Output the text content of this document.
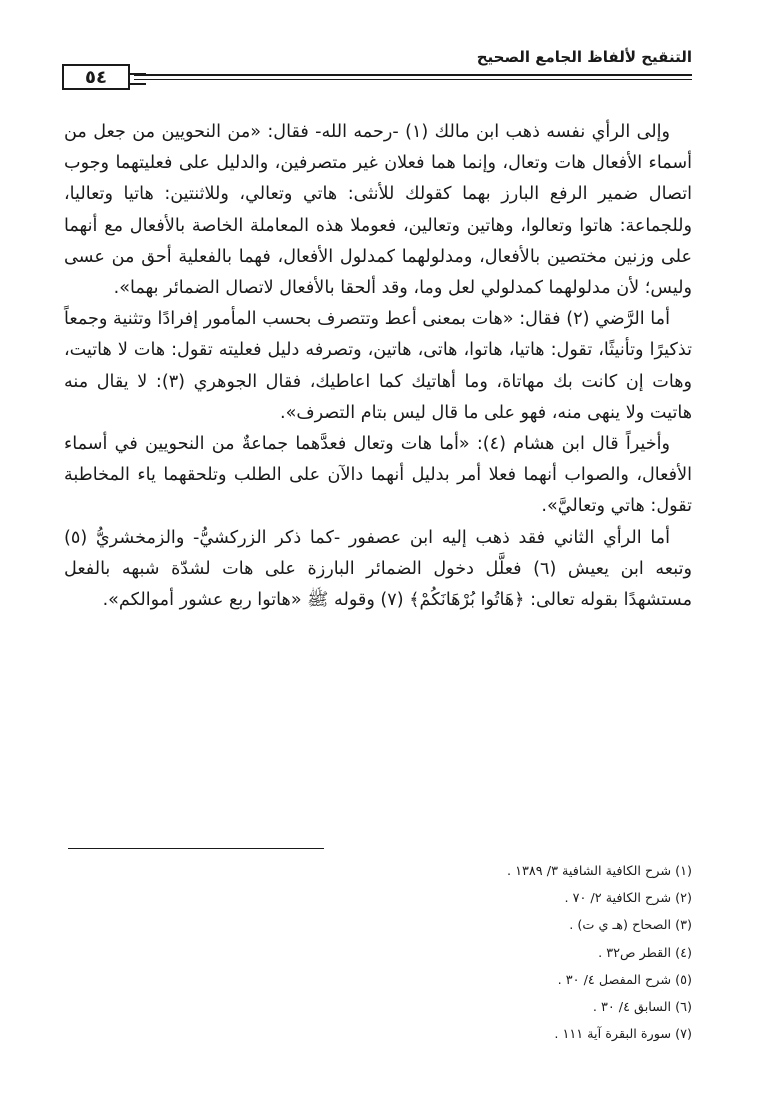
التنقيح لألفاظ الجامع الصحيح
٥٤

وإلى الرأي نفسه ذهب ابن مالك (١) -رحمه الله- فقال: «من النحويين من جعل من أسماء الأفعال هات وتعال، وإنما هما فعلان غير متصرفين، والدليل على فعليتهما وجوب اتصال ضمير الرفع البارز بهما كقولك للأنثى: هاتي وتعالي، وللاثنتين: هاتيا وتعاليا، وللجماعة: هاتوا وتعالوا، وهاتين وتعالين، فعوملا هذه المعاملة الخاصة بالأفعال مع أنهما على وزنين مختصين بالأفعال، ومدلولهما كمدلول الأفعال، فهما بالفعلية أحق من عسى وليس؛ لأن مدلولهما كمدلولي لعل وما، وقد ألحقا بالأفعال لاتصال الضمائر بهما».

أما الرَّضي (٢) فقال: «هات بمعنى أعط وتتصرف بحسب المأمور إفرادًا وتثنية وجمعاً تذكيرًا وتأنيثًا، تقول: هاتيا، هاتوا، هاتى، هاتين، وتصرفه دليل فعليته تقول: هات لا هاتيت، وهات إن كانت بك مهاتاة، وما أهاتيك كما اعاطيك، فقال الجوهري (٣): لا يقال منه هاتيت ولا ينهى منه، فهو على ما قال ليس بتام التصرف».

وأخيراً قال ابن هشام (٤): «أما هات وتعال فعدَّهما جماعةٌ من النحويين في أسماء الأفعال، والصواب أنهما فعلا أمر بدليل أنهما دالآن على الطلب وتلحقهما ياء المخاطبة تقول: هاتي وتعاليَّ».

أما الرأي الثاني فقد ذهب إليه ابن عصفور -كما ذكر الزركشيُّ- والزمخشريُّ (٥) وتبعه ابن يعيش (٦) فعلَّل دخول الضمائر البارزة على هات لشدّة شبهه بالفعل مستشهدًا بقوله تعالى: ﴿هَاتُوا بُرْهَانَكُمْ﴾ (٧) وقوله ﷺ «هاتوا ربع عشور أموالكم».

(١) شرح الكافية الشافية ٣/ ١٣٨٩ .
(٢) شرح الكافية ٢/ ٧٠ .
(٣) الصحاح (هـ ي ت) .
(٤) القطر ص٣٢ .
(٥) شرح المفصل ٤/ ٣٠ .
(٦) السابق ٤/ ٣٠ .
(٧) سورة البقرة آية ١١١ .
